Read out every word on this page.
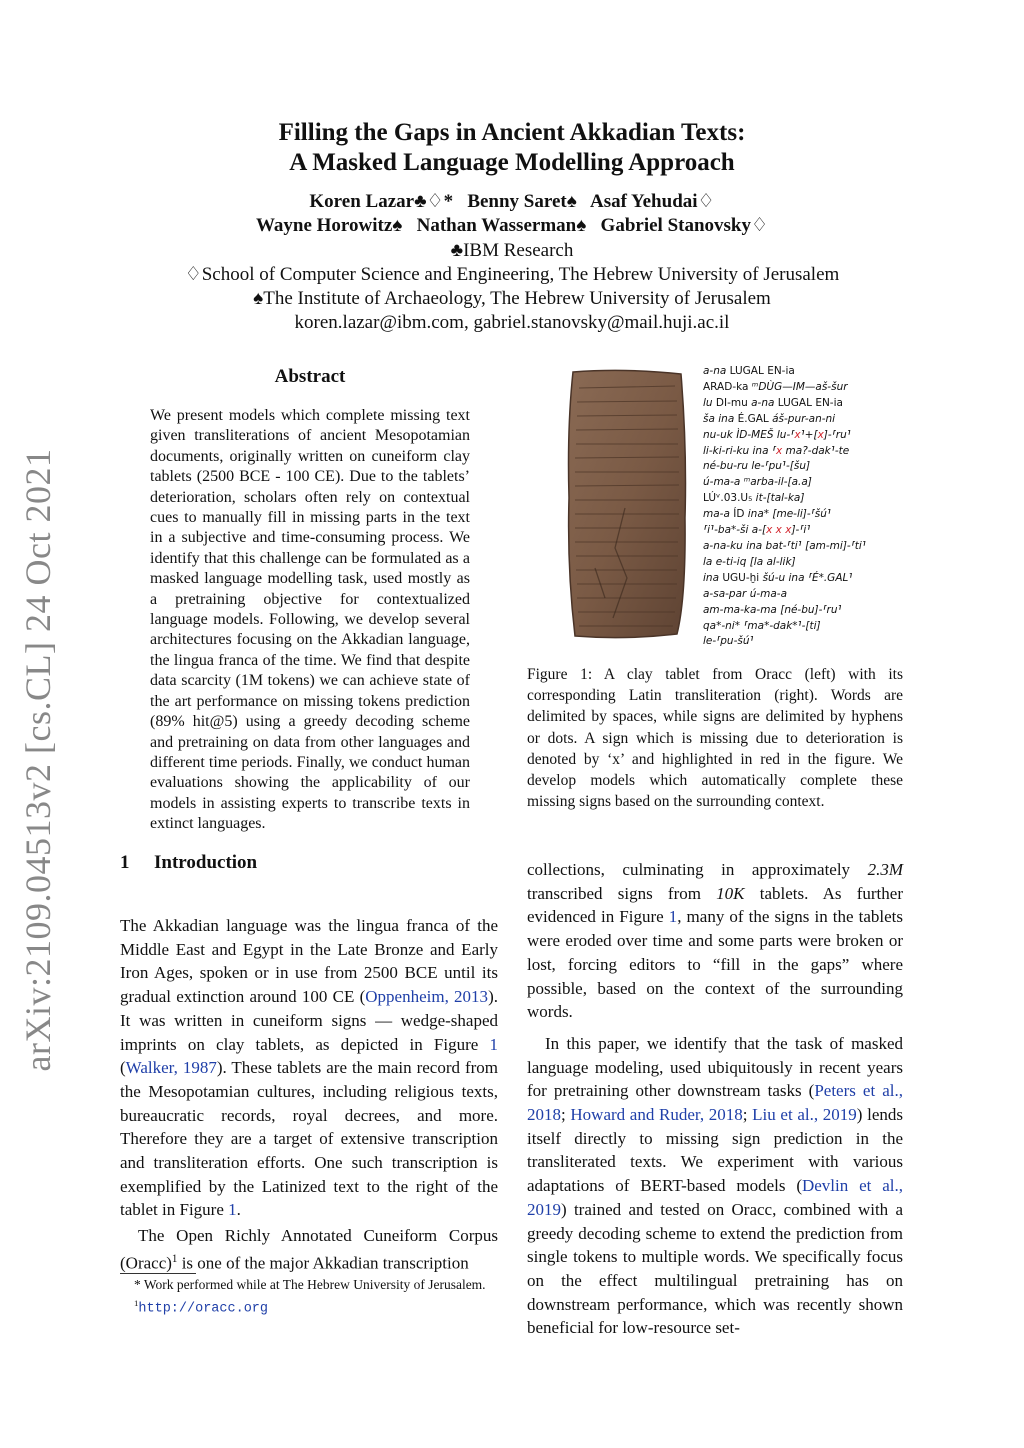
Filling the Gaps in Ancient Akkadian Texts:
A Masked Language Modelling Approach
Koren Lazar♣♢*   Benny Saret♠   Asaf Yehudai♢
Wayne Horowitz♠   Nathan Wasserman♠   Gabriel Stanovsky♢
♣IBM Research
♢School of Computer Science and Engineering, The Hebrew University of Jerusalem
♠The Institute of Archaeology, The Hebrew University of Jerusalem
koren.lazar@ibm.com, gabriel.stanovsky@mail.huji.ac.il
arXiv:2109.04513v2 [cs.CL] 24 Oct 2021
Abstract
We present models which complete missing text given transliterations of ancient Mesopotamian documents, originally written on cuneiform clay tablets (2500 BCE - 100 CE). Due to the tablets’ deterioration, scholars often rely on contextual cues to manually fill in missing parts in the text in a subjective and time-consuming process. We identify that this challenge can be formulated as a masked language modelling task, used mostly as a pretraining objective for contextualized language models. Following, we develop several architectures focusing on the Akkadian language, the lingua franca of the time. We find that despite data scarcity (1M tokens) we can achieve state of the art performance on missing tokens prediction (89% hit@5) using a greedy decoding scheme and pretraining on data from other languages and different time periods. Finally, we conduct human evaluations showing the applicability of our models in assisting experts to transcribe texts in extinct languages.
1 Introduction

The Akkadian language was the lingua franca of the Middle East and Egypt in the Late Bronze and Early Iron Ages, spoken or in use from 2500 BCE until its gradual extinction around 100 CE (Oppenheim, 2013). It was written in cuneiform signs — wedge-shaped imprints on clay tablets, as depicted in Figure 1 (Walker, 1987). These tablets are the main record from the Mesopotamian cultures, including religious texts, bureaucratic records, royal decrees, and more. Therefore they are a target of extensive transcription and transliteration efforts. One such transcription is exemplified by the Latinized text to the right of the tablet in Figure 1.

The Open Richly Annotated Cuneiform Corpus (Oracc)$^1$ is one of the major Akkadian transcription

a-na LUGAL EN-ia
ARAD-ka ᵐDÙG—IM—aš-šur
lu DI-mu a-na LUGAL EN-ia
ša ina É.GAL áš-pur-an-ni
nu-uk ÌD-MEŠ lu-⸢x⸣+[x]-⸢ru⸣
li-ki-ri-ku ina ⸢x ma?-dak⸣-te
né-bu-ru le-⸢pu⸣-[šu]
ú-ma-a ᵐarba-il-[a.a]
LÚᵛ.03.U₅ it-[tal-ka]
ma-a ÍD ina* [me-li]-⸢šú⸣
⸢i⸣-ba*-ši a-[x x x]-⸢i⸣
a-na-ku ina bat-⸢ti⸣ [am-mi]-⸢ti⸣
la e-ti-iq [la al-lik]
ina UGU-ḫi šú-u ina ⸢É*.GAL⸣
a-sa-par ú-ma-a
am-ma-ka-ma [né-bu]-⸢ru⸣
qa*-ni* ⸢ma*-dak*⸣-[ti]
le-⸢pu-šú⸣
Figure 1: A clay tablet from Oracc (left) with its corresponding Latin transliteration (right). Words are delimited by spaces, while signs are delimited by hyphens or dots. A sign which is missing due to deterioration is denoted by ‘x’ and highlighted in red in the figure. We develop models which automatically complete these missing signs based on the surrounding context.

collections, culminating in approximately 2.3M transcribed signs from 10K tablets. As further evidenced in Figure 1, many of the signs in the tablets were eroded over time and some parts were broken or lost, forcing editors to “fill in the gaps” where possible, based on the context of the surrounding words.

In this paper, we identify that the task of masked language modeling, used ubiquitously in recent years for pretraining other downstream tasks (Peters et al., 2018; Howard and Ruder, 2018; Liu et al., 2019) lends itself directly to missing sign prediction in the transliterated texts. We experiment with various adaptations of BERT-based models (Devlin et al., 2019) trained and tested on Oracc, combined with a greedy decoding scheme to extend the prediction from single tokens to multiple words. We specifically focus on the effect multilingual pretraining has on downstream performance, which was recently shown beneficial for low-resource set-

* Work performed while at The Hebrew University of Jerusalem.
$^1$http://oracc.org
